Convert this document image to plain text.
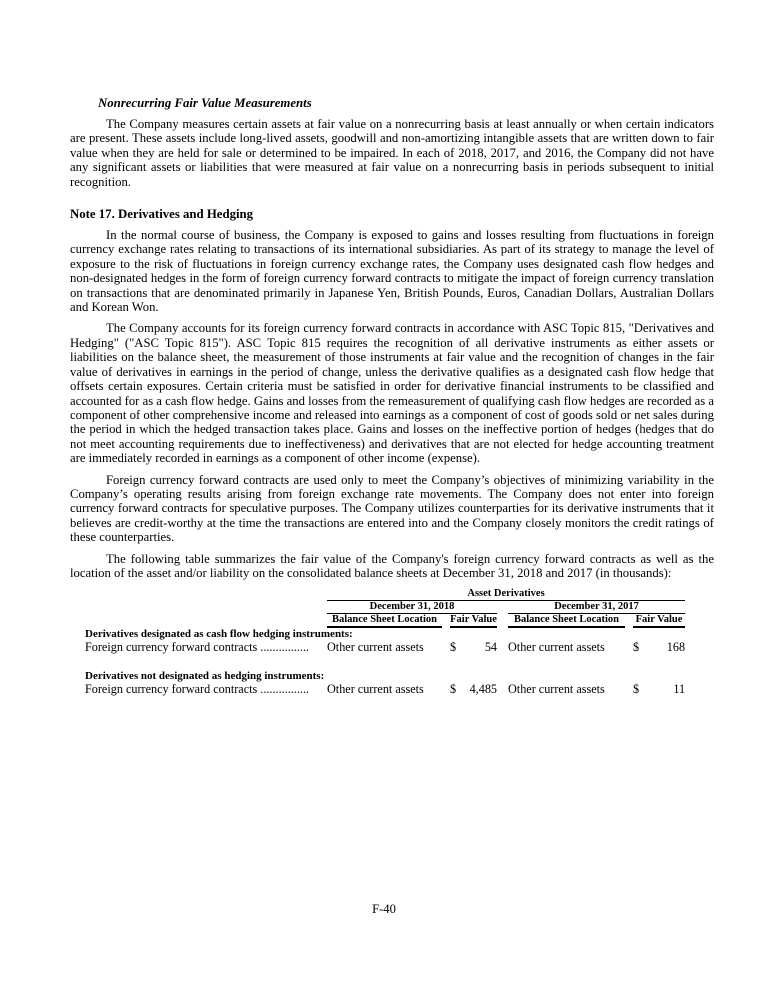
Nonrecurring Fair Value Measurements

The Company measures certain assets at fair value on a nonrecurring basis at least annually or when certain indicators are present. These assets include long-lived assets, goodwill and non-amortizing intangible assets that are written down to fair value when they are held for sale or determined to be impaired. In each of 2018, 2017, and 2016, the Company did not have any significant assets or liabilities that were measured at fair value on a nonrecurring basis in periods subsequent to initial recognition.

Note 17. Derivatives and Hedging

In the normal course of business, the Company is exposed to gains and losses resulting from fluctuations in foreign currency exchange rates relating to transactions of its international subsidiaries. As part of its strategy to manage the level of exposure to the risk of fluctuations in foreign currency exchange rates, the Company uses designated cash flow hedges and non-designated hedges in the form of foreign currency forward contracts to mitigate the impact of foreign currency translation on transactions that are denominated primarily in Japanese Yen, British Pounds, Euros, Canadian Dollars, Australian Dollars and Korean Won.

The Company accounts for its foreign currency forward contracts in accordance with ASC Topic 815, "Derivatives and Hedging" ("ASC Topic 815"). ASC Topic 815 requires the recognition of all derivative instruments as either assets or liabilities on the balance sheet, the measurement of those instruments at fair value and the recognition of changes in the fair value of derivatives in earnings in the period of change, unless the derivative qualifies as a designated cash flow hedge that offsets certain exposures. Certain criteria must be satisfied in order for derivative financial instruments to be classified and accounted for as a cash flow hedge. Gains and losses from the remeasurement of qualifying cash flow hedges are recorded as a component of other comprehensive income and released into earnings as a component of cost of goods sold or net sales during the period in which the hedged transaction takes place. Gains and losses on the ineffective portion of hedges (hedges that do not meet accounting requirements due to ineffectiveness) and derivatives that are not elected for hedge accounting treatment are immediately recorded in earnings as a component of other income (expense).

Foreign currency forward contracts are used only to meet the Company’s objectives of minimizing variability in the Company’s operating results arising from foreign exchange rate movements. The Company does not enter into foreign currency forward contracts for speculative purposes. The Company utilizes counterparties for its derivative instruments that it believes are credit-worthy at the time the transactions are entered into and the Company closely monitors the credit ratings of these counterparties.

The following table summarizes the fair value of the Company's foreign currency forward contracts as well as the location of the asset and/or liability on the consolidated balance sheets at December 31, 2018 and 2017 (in thousands):

	Asset Derivatives						
	December 31, 2018				December 31, 2017		
	Balance Sheet Location		Fair Value		Balance Sheet Location		Fair Value
Derivatives designated as cash flow hedging instruments:							
Foreign currency forward contracts ................	Other current assets		$ 54		Other current assets		$ 168

Derivatives not designated as hedging instruments:							
Foreign currency forward contracts ................	Other current assets		$ 4,485		Other current assets		$ 11
F-40
